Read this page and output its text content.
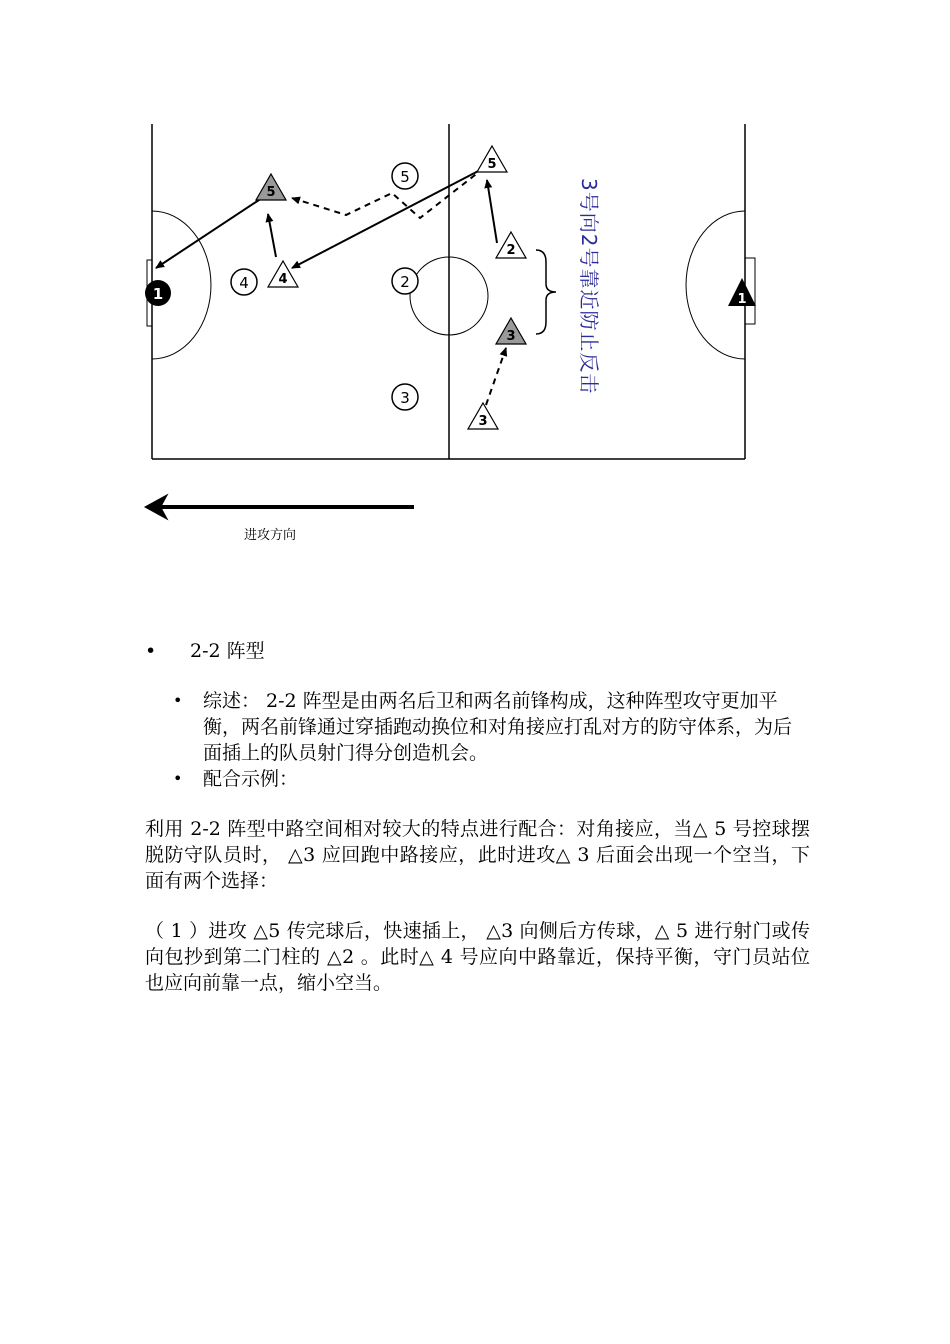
1	1
5
4	2
3
5
5
4
2
3
3
3号向2号靠近防止反击
进攻方向
• 2-2 阵型
• 综述： 2-2 阵型是由两名后卫和两名前锋构成，这种阵型攻守更加平衡，两名前锋通过穿插跑动换位和对角接应打乱对方的防守体系，为后面插上的队员射门得分创造机会。
• 配合示例：
利用 2-2 阵型中路空间相对较大的特点进行配合：对角接应，当△ 5 号控球摆脱防守队员时， △3 应回跑中路接应，此时进攻△ 3 后面会出现一个空当，下面有两个选择：
（ 1 ）进攻 △5 传完球后，快速插上， △3 向侧后方传球，△ 5 进行射门或传向包抄到第二门柱的 △2 。此时△ 4 号应向中路靠近，保持平衡，守门员站位也应向前靠一点，缩小空当。
